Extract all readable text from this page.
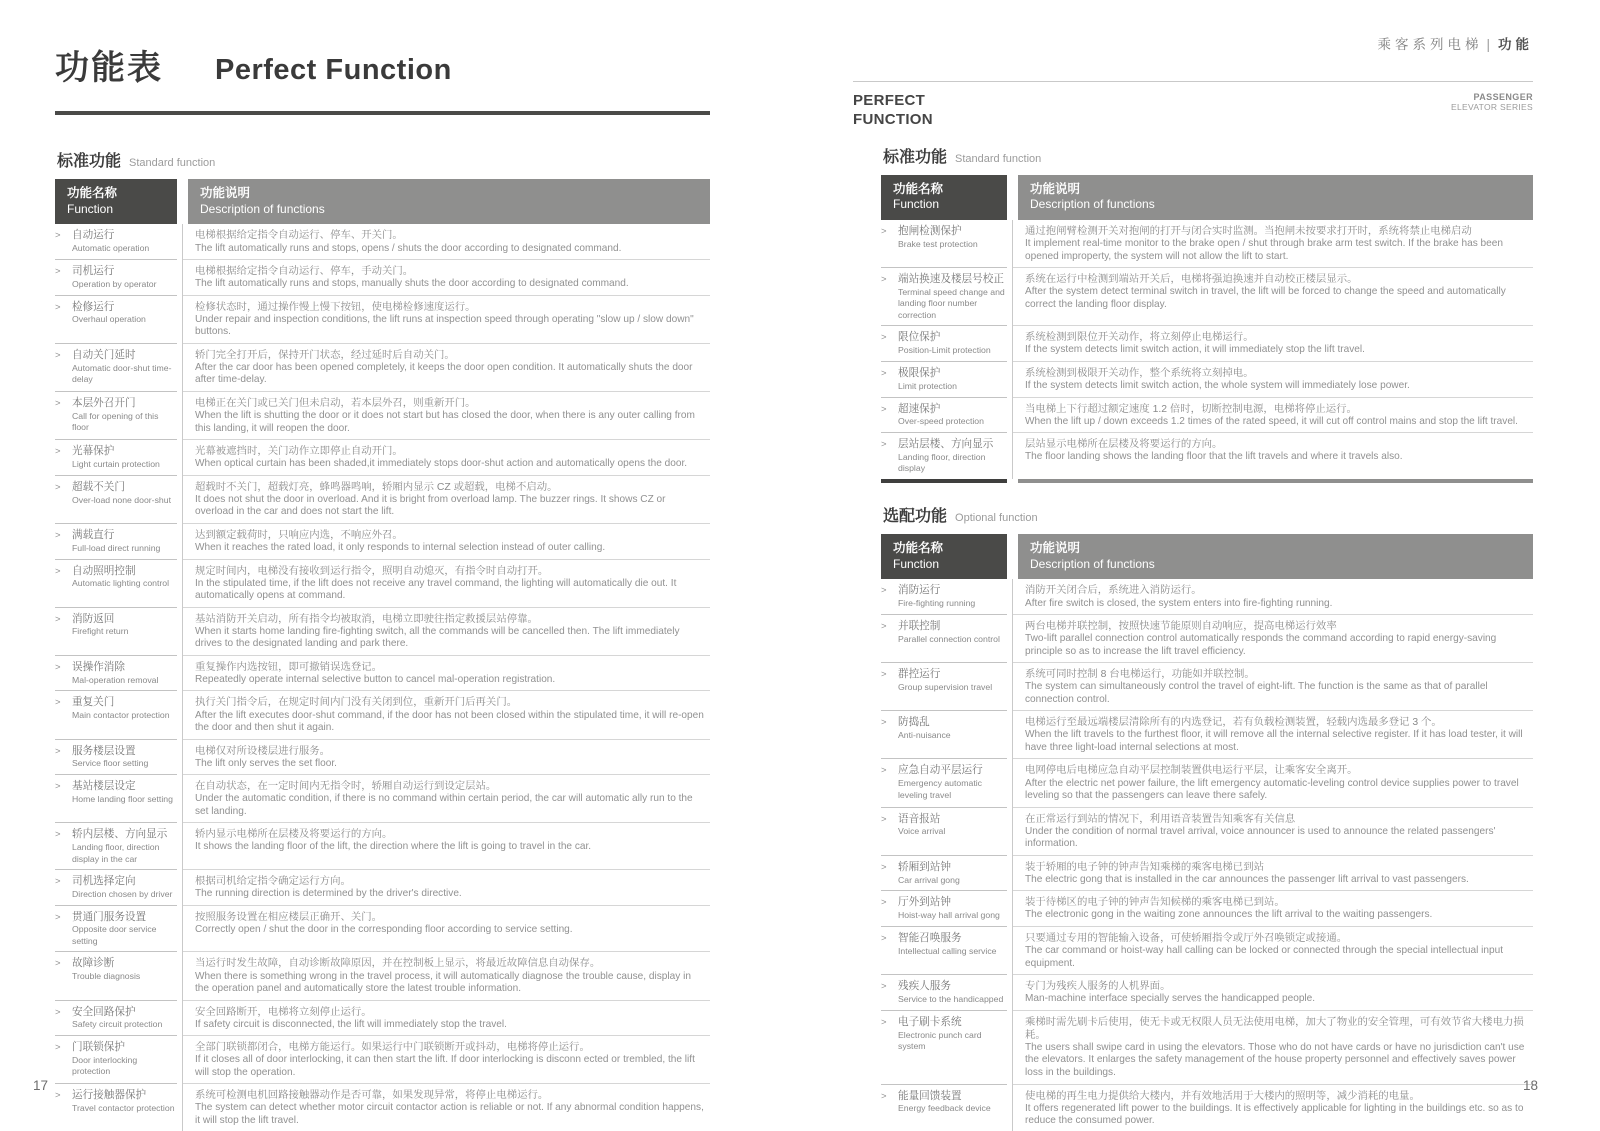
功能表 Perfect Function
标准功能 Standard function
功能名称
Function
功能说明
Description of functions
>	自动运行
Automatic operation
电梯根据给定指令自动运行、停车、开关门。
The lift automatically runs and stops, opens / shuts the door according to designated command.
>	司机运行
Operation by operator
电梯根据给定指令自动运行、停车，手动关门。
The lift automatically runs and stops, manually shuts the door according to designated command.
>	检修运行
Overhaul operation
检修状态时，通过操作慢上慢下按钮，使电梯检修速度运行。
Under repair and inspection conditions, the lift runs at inspection speed through operating "slow up / slow down" buttons.
>	自动关门延时
Automatic door-shut time-delay
轿门完全打开后，保持开门状态，经过延时后自动关门。
After the car door has been opened completely, it keeps the door open condition. It automatically shuts the door after time-delay.
>	本层外召开门
Call for opening of this floor
电梯正在关门或已关门但未启动，若本层外召，则重新开门。
When the lift is shutting the door or it does not start but has closed the door, when there is any outer calling from this landing, it will reopen the door.
>	光幕保护
Light curtain protection
光幕被遮挡时，关门动作立即停止自动开门。
When optical curtain has been shaded,it immediately stops door-shut action and automatically opens the door.
>	超载不关门
Over-load none door-shut
超载时不关门，超载灯亮，蜂鸣器鸣响，轿厢内显示 CZ 或超载，电梯不启动。
It does not shut the door in overload. And it is bright from overload lamp. The buzzer rings. It shows CZ or overload in the car and does not start the lift.
>	满载直行
Full-load direct running
达到额定载荷时，只响应内选，不响应外召。
When it reaches the rated load, it only responds to internal selection instead of outer calling.
>	自动照明控制
Automatic lighting control
规定时间内，电梯没有接收到运行指令，照明自动熄灭，有指令时自动打开。
In the stipulated time, if the lift does not receive any travel command, the lighting will automatically die out. It automatically opens at command.
>	消防返回
Firefight return
基站消防开关启动，所有指令均被取消，电梯立即驶往指定救援层站停靠。
When it starts home landing fire-fighting switch, all the commands will be cancelled then. The lift immediately drives to the designated landing and park there.
>	误操作消除
Mal-operation removal
重复操作内选按钮，即可撤销误选登记。
Repeatedly operate internal selective button to cancel mal-operation registration.
>	重复关门
Main contactor protection
执行关门指令后，在规定时间内门没有关闭到位，重新开门后再关门。
After the lift executes door-shut command, if the door has not been closed within the stipulated time, it will re-open the door and then shut it again.
>	服务楼层设置
Service floor setting
电梯仅对所设楼层进行服务。
The lift only serves the set floor.
>	基站楼层设定
Home landing floor setting
在自动状态，在一定时间内无指令时，轿厢自动运行到设定层站。
Under the automatic condition, if there is no command within certain period, the car will automatic ally run to the set landing.
>	轿内层楼、方向显示
Landing floor, direction display in the car
轿内显示电梯所在层楼及将要运行的方向。
It shows the landing floor of the lift, the direction where the lift is going to travel in the car.
>	司机选择定向
Direction chosen by driver
根据司机给定指令确定运行方向。
The running direction is determined by the driver's directive.
>	贯通门服务设置
Opposite door service setting
按照服务设置在相应楼层正确开、关门。
Correctly open / shut the door in the corresponding floor according to service setting.
>	故障诊断
Trouble diagnosis
当运行时发生故障，自动诊断故障原因，并在控制板上显示，将最近故障信息自动保存。
When there is something wrong in the travel process, it will automatically diagnose the trouble cause, display in the operation panel and automatically store the latest trouble information.
>	安全回路保护
Safety circuit protection
安全回路断开，电梯将立刻停止运行。
If safety circuit is disconnected, the lift will immediately stop the travel.
>	门联锁保护
Door interlocking protection
全部门联锁都闭合，电梯方能运行。如果运行中门联锁断开或抖动，电梯将停止运行。
If it closes all of door interlocking, it can then start the lift. If door interlocking is disconn ected or trembled, the lift will stop the operation.
>	运行接触器保护
Travel contactor protection
系统可检测电机回路接触器动作是否可靠，如果发现异常，将停止电梯运行。
The system can detect whether motor circuit contactor action is reliable or not. If any abnormal condition happens, it will stop the lift travel.
17
乘客系列电梯 | 功能
PERFECT
FUNCTION
PASSENGER
ELEVATOR SERIES
标准功能 Standard function
功能名称
Function
功能说明
Description of functions
>	抱闸检测保护
Brake test protection
通过抱闸臂检测开关对抱闸的打开与闭合实时监测。当抱闸未按要求打开时，系统将禁止电梯启动
It implement real-time monitor to the brake open / shut through brake arm test switch. If the brake has been opened improperty, the system will not allow the lift to start.
>	端站换速及楼层号校正
Terminal speed change and landing floor number correction
系统在运行中检测到端站开关后，电梯将强迫换速并自动校正楼层显示。
After the system detect terminal switch in travel, the lift will be forced to change the speed and automatically correct the landing floor display.
>	限位保护
Position-Limit protection
系统检测到限位开关动作，将立刻停止电梯运行。
If the system detects limit switch action, it will immediately stop the lift travel.
>	极限保护
Limit protection
系统检测到极限开关动作，整个系统将立刻掉电。
If the system detects limit switch action, the whole system will immediately lose power.
>	超速保护
Over-speed protection
当电梯上下行超过额定速度 1.2 倍时，切断控制电源，电梯将停止运行。
When the lift up / down exceeds 1.2 times of the rated speed, it will cut off control mains and stop the lift travel.
>	层站层楼、方向显示
Landing floor, direction display
层站显示电梯所在层楼及将要运行的方向。
The floor landing shows the landing floor that the lift travels and where it travels also.
选配功能 Optional function
功能名称
Function
功能说明
Description of functions
>	消防运行
Fire-fighting running
消防开关闭合后，系统进入消防运行。
After fire switch is closed, the system enters into fire-fighting running.
>	并联控制
Parallel connection control
两台电梯并联控制，按照快速节能原则自动响应，提高电梯运行效率
Two-lift parallel connection control automatically responds the command according to rapid energy-saving principle so as to increase the lift travel efficiency.
>	群控运行
Group supervision travel
系统可同时控制 8 台电梯运行，功能如并联控制。
The system can simultaneously control the travel of eight-lift. The function is the same as that of parallel connection control.
>	防捣乱
Anti-nuisance
电梯运行至最远端楼层清除所有的内选登记，若有负载检测装置，轻载内选最多登记 3 个。
When the lift travels to the furthest floor, it will remove all the internal selective register. If it has load tester, it will have three light-load internal selections at most.
>	应急自动平层运行
Emergency automatic leveling travel
电网停电后电梯应急自动平层控制装置供电运行平层，让乘客安全离开。
After the electric net power failure, the lift emergency automatic-leveling control device supplies power to travel leveling so that the passengers can leave there safely.
>	语音报站
Voice arrival
在正常运行到站的情况下，利用语音装置告知乘客有关信息
Under the condition of normal travel arrival, voice announcer is used to announce the related passengers' information.
>	轿厢到站钟
Car arrival gong
装于轿厢的电子钟的钟声告知乘梯的乘客电梯已到站
The electric gong that is installed in the car announces the passenger lift arrival to vast passengers.
>	厅外到站钟
Hoist-way hall arrival gong
装于待梯区的电子钟的钟声告知候梯的乘客电梯已到站。
The electronic gong in the waiting zone announces the lift arrival to the waiting passengers.
>	智能召唤服务
Intellectual calling service
只要通过专用的智能输入设备，可使轿厢指令或厅外召唤锁定或接通。
The car command or hoist-way hall calling can be locked or connected through the special intellectual input equipment.
>	残疾人服务
Service to the handicapped
专门为残疾人服务的人机界面。
Man-machine interface specially serves the handicapped people.
>	电子刷卡系统
Electronic punch card system
乘梯时需先刷卡后使用，使无卡或无权限人员无法使用电梯，加大了物业的安全管理，可有效节省大楼电力损耗。
The users shall swipe card in using the elevators. Those who do not have cards or have no jurisdiction can't use the elevators. It enlarges the safety management of the house property personnel and effectively saves power loss in the buildings.
>	能量回馈装置
Energy feedback device
使电梯的再生电力提供给大楼内，并有效地活用于大楼内的照明等，减少消耗的电量。
It offers regenerated lift power to the buildings. It is effectively applicable for lighting in the buildings etc. so as to reduce the consumed power.
18
